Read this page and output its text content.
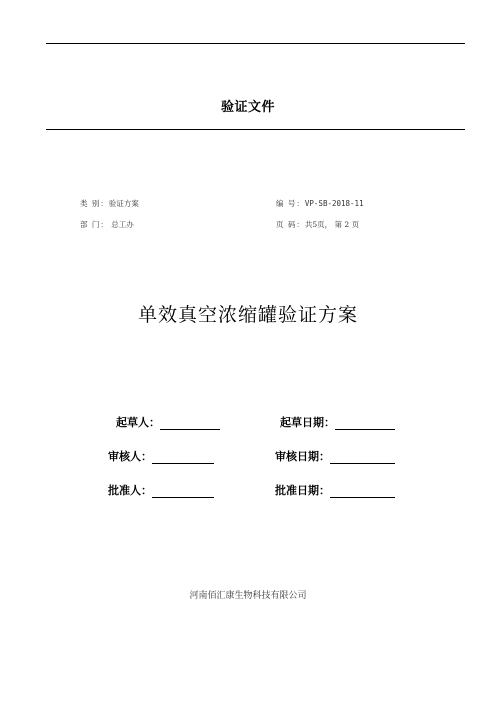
验证文件
类 别：验证方案	编 号：VP-SB-2018-11
部 门： 总工办	页 码：共5页， 第 2 页
单效真空浓缩罐验证方案
起草人：	起草日期：
审核人：	审核日期：
批准人：	批准日期：
河南佰汇康生物科技有限公司
